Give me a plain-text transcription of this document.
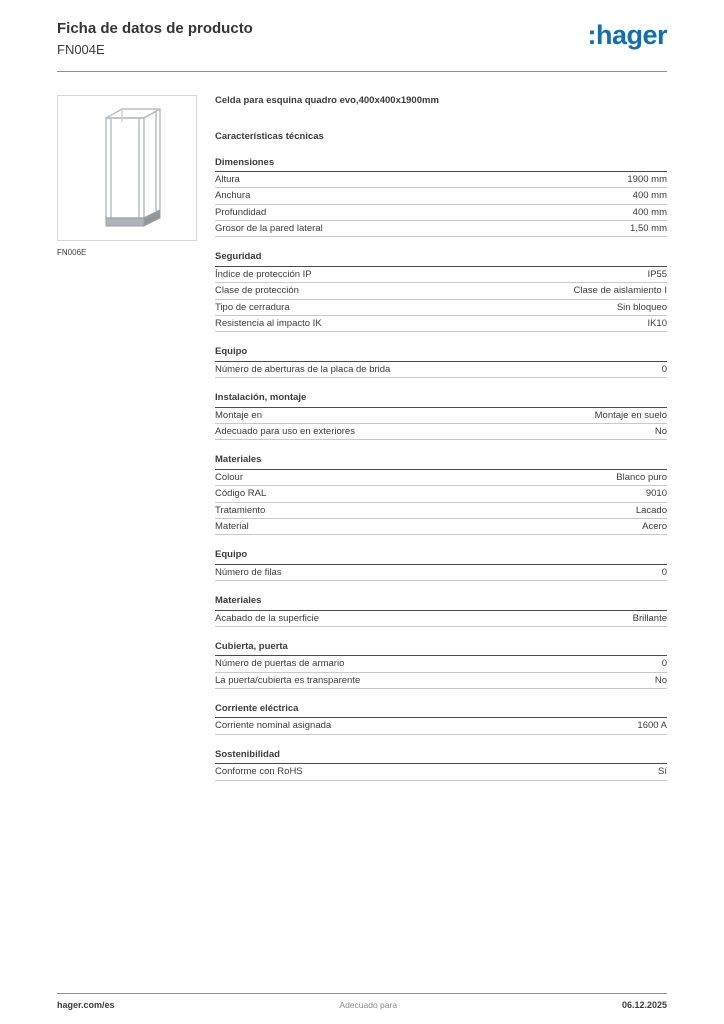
Ficha de datos de producto
FN004E	:hager
FN006E
Celda para esquina quadro evo,400x400x1900mm
Características técnicas
Dimensiones
Altura	1900 mm
Anchura	400 mm
Profundidad	400 mm
Grosor de la pared lateral	1,50 mm
Seguridad
Índice de protección IP	IP55
Clase de protección	Clase de aislamiento I
Tipo de cerradura	Sin bloqueo
Resistencia al impacto IK	IK10
Equipo
Número de aberturas de la placa de brida	0
Instalación, montaje
Montaje en	Montaje en suelo
Adecuado para uso en exteriores	No
Materiales
Colour	Blanco puro
Código RAL	9010
Tratamiento	Lacado
Material	Acero
Equipo
Número de filas	0
Materiales
Acabado de la superficie	Brillante
Cubierta, puerta
Número de puertas de armario	0
La puerta/cubierta es transparente	No
Corriente eléctrica
Corriente nominal asignada	1600 A
Sostenibilidad
Conforme con RoHS	Sí
hager.com/es	Adecuado para	06.12.2025
